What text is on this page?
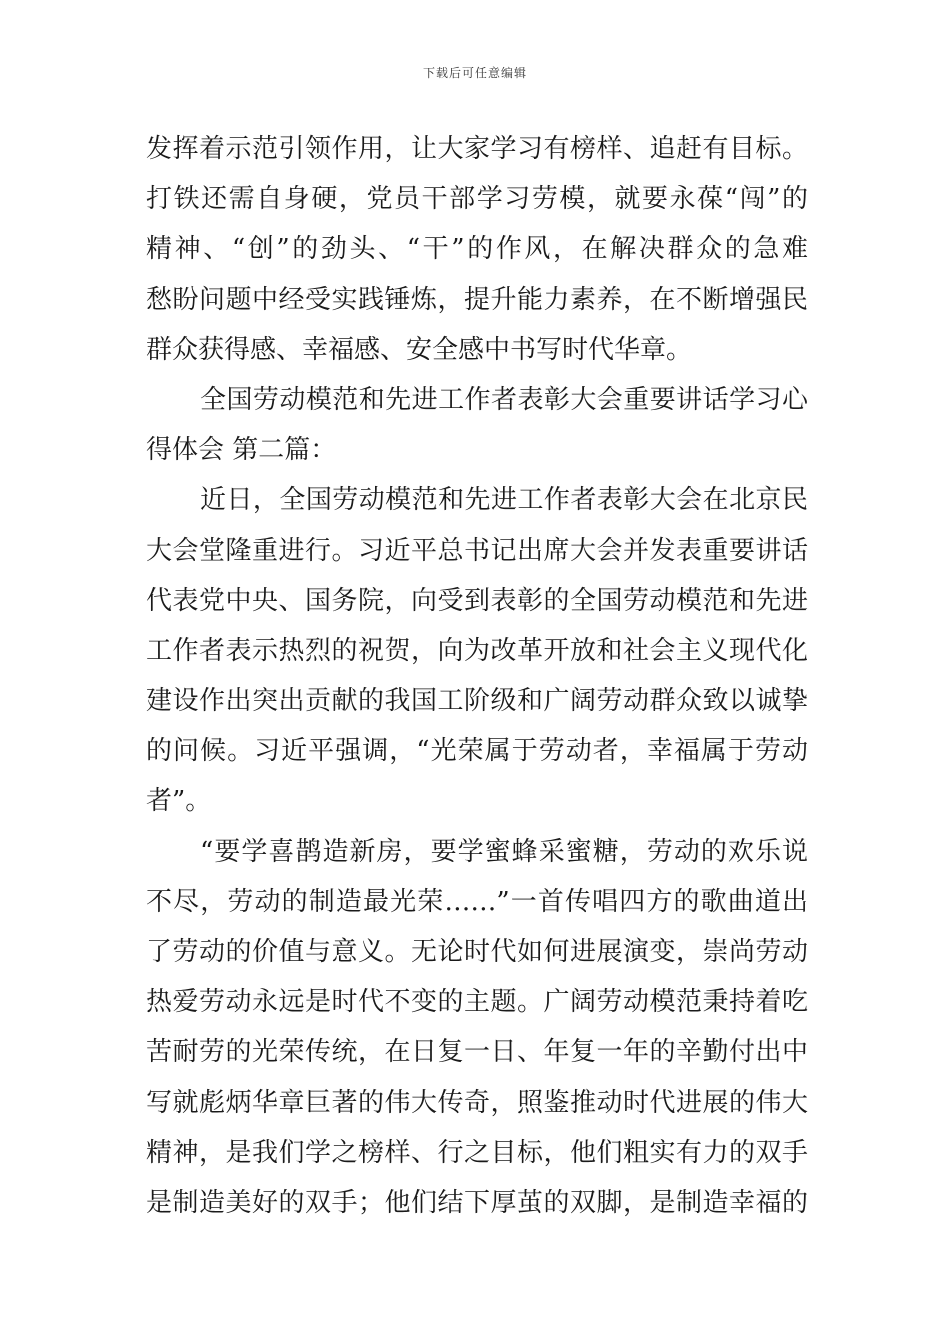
下载后可任意编辑
发挥着示范引领作用，让大家学习有榜样、追赶有目标。
打铁还需自身硬，党员干部学习劳模，就要永葆“闯”的
精神、“创”的劲头、“干”的作风，在解决群众的急难
愁盼问题中经受实践锤炼，提升能力素养，在不断增强民
群众获得感、幸福感、安全感中书写时代华章。
全国劳动模范和先进工作者表彰大会重要讲话学习心
得体会 第二篇：
近日，全国劳动模范和先进工作者表彰大会在北京民
大会堂隆重进行。习近平总书记出席大会并发表重要讲话
代表党中央、国务院，向受到表彰的全国劳动模范和先进
工作者表示热烈的祝贺，向为改革开放和社会主义现代化
建设作出突出贡献的我国工阶级和广阔劳动群众致以诚挚
的问候。习近平强调，“光荣属于劳动者，幸福属于劳动
者”。
“要学喜鹊造新房，要学蜜蜂采蜜糖，劳动的欢乐说
不尽，劳动的制造最光荣……”一首传唱四方的歌曲道出
了劳动的价值与意义。无论时代如何进展演变，崇尚劳动
热爱劳动永远是时代不变的主题。广阔劳动模范秉持着吃
苦耐劳的光荣传统，在日复一日、年复一年的辛勤付出中
写就彪炳华章巨著的伟大传奇，照鉴推动时代进展的伟大
精神，是我们学之榜样、行之目标，他们粗实有力的双手
是制造美好的双手；他们结下厚茧的双脚，是制造幸福的
